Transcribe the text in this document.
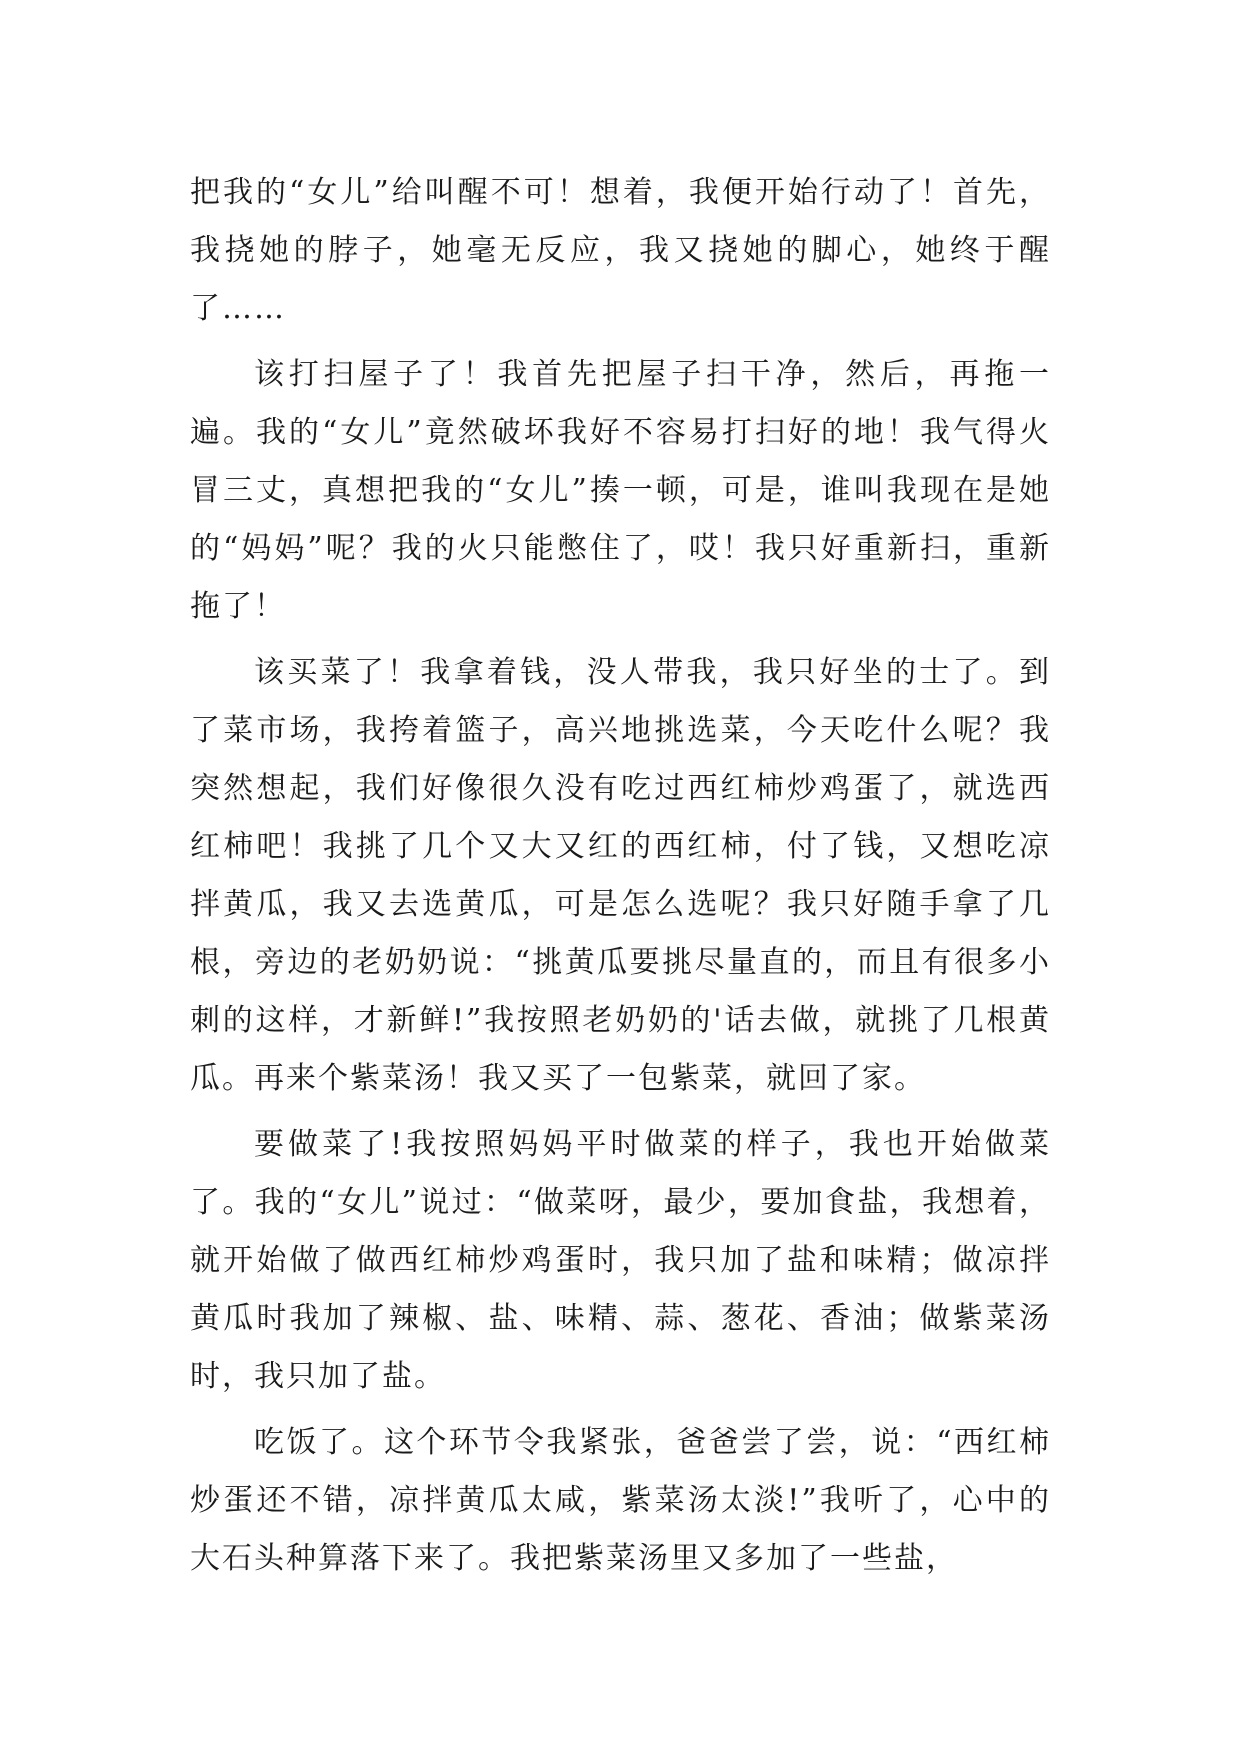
把我的“女儿”给叫醒不可！想着，我便开始行动了！首先，我挠她的脖子，她毫无反应，我又挠她的脚心，她终于醒了……

该打扫屋子了！我首先把屋子扫干净，然后，再拖一遍。我的“女儿”竟然破坏我好不容易打扫好的地！我气得火冒三丈，真想把我的“女儿”揍一顿，可是，谁叫我现在是她的“妈妈”呢？我的火只能憋住了，哎！我只好重新扫，重新拖了！

该买菜了！我拿着钱，没人带我，我只好坐的士了。到了菜市场，我挎着篮子，高兴地挑选菜，今天吃什么呢？我突然想起，我们好像很久没有吃过西红柿炒鸡蛋了，就选西红柿吧！我挑了几个又大又红的西红柿，付了钱，又想吃凉拌黄瓜，我又去选黄瓜，可是怎么选呢？我只好随手拿了几根，旁边的老奶奶说：“挑黄瓜要挑尽量直的，而且有很多小刺的这样，才新鲜!”我按照老奶奶的'话去做，就挑了几根黄瓜。再来个紫菜汤！我又买了一包紫菜，就回了家。

要做菜了!我按照妈妈平时做菜的样子，我也开始做菜了。我的“女儿”说过：“做菜呀，最少，要加食盐，我想着，就开始做了做西红柿炒鸡蛋时，我只加了盐和味精；做凉拌黄瓜时我加了辣椒、盐、味精、蒜、葱花、香油；做紫菜汤时，我只加了盐。

吃饭了。这个环节令我紧张，爸爸尝了尝，说：“西红柿炒蛋还不错，凉拌黄瓜太咸，紫菜汤太淡!”我听了，心中的大石头种算落下来了。我把紫菜汤里又多加了一些盐，
